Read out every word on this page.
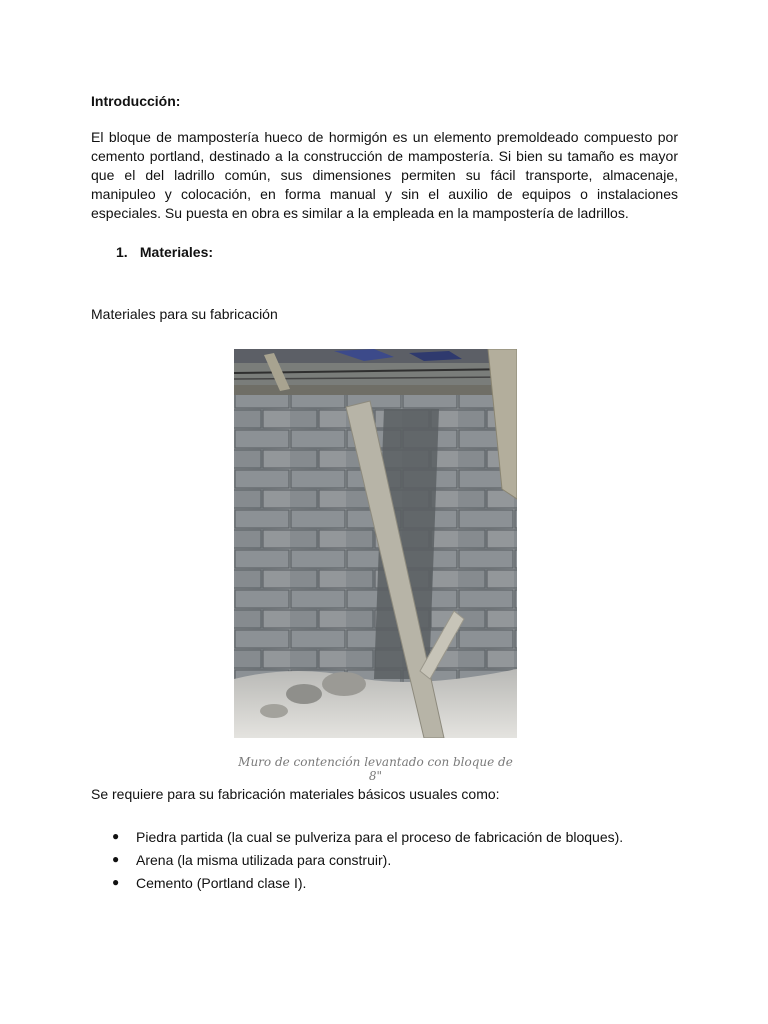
Introducción:

El bloque de mampostería hueco de hormigón es un elemento premoldeado compuesto por cemento portland, destinado a la construcción de mampostería. Si bien su tamaño es mayor que el del ladrillo común, sus dimensiones permiten su fácil transporte, almacenaje, manipuleo y colocación, en forma manual y sin el auxilio de equipos o instalaciones especiales. Su puesta en obra es similar a la empleada en la mampostería de ladrillos.

1. Materiales:
Materiales para su fabricación
Muro de contención levantado con bloque de 8"
Se requiere para su fabricación materiales básicos usuales como:
● Piedra partida (la cual se pulveriza para el proceso de fabricación de bloques).
● Arena (la misma utilizada para construir).
● Cemento (Portland clase I).
